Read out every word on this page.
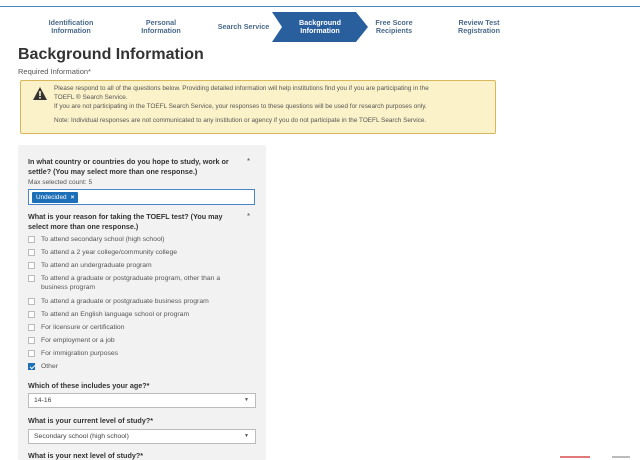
Identification Information
Personal Information	Search Service	Background Information
Free Score Recipients
Review Test Registration
Background Information
Required Information*

Please respond to all of the questions below. Providing detailed information will help institutions find you if you are participating in the

TOEFL ® Search Service.

If you are not participating in the TOEFL Search Service, your responses to these questions will be used for research purposes only.

Note: Individual responses are not communicated to any institution or agency if you do not participate in the TOEFL Search Service.

In what country or countries do you hope to study, work or
settle? (You may select more than one response.)
*
Max selected count: 5
Undecided ×
What is your reason for taking the TOEFL test? (You may
select more than one response.)
*
To attend secondary school (high school)
To attend a 2 year college/community college
To attend an undergraduate program
To attend a graduate or postgraduate program, other than a
business program
To attend a graduate or postgraduate business program
To attend an English language school or program
For licensure or certification
For employment or a job
For immigration purposes
Other
Which of these includes your age?*
14-16	▼
What is your current level of study?*
Secondary school (high school)	▼
What is your next level of study?*
